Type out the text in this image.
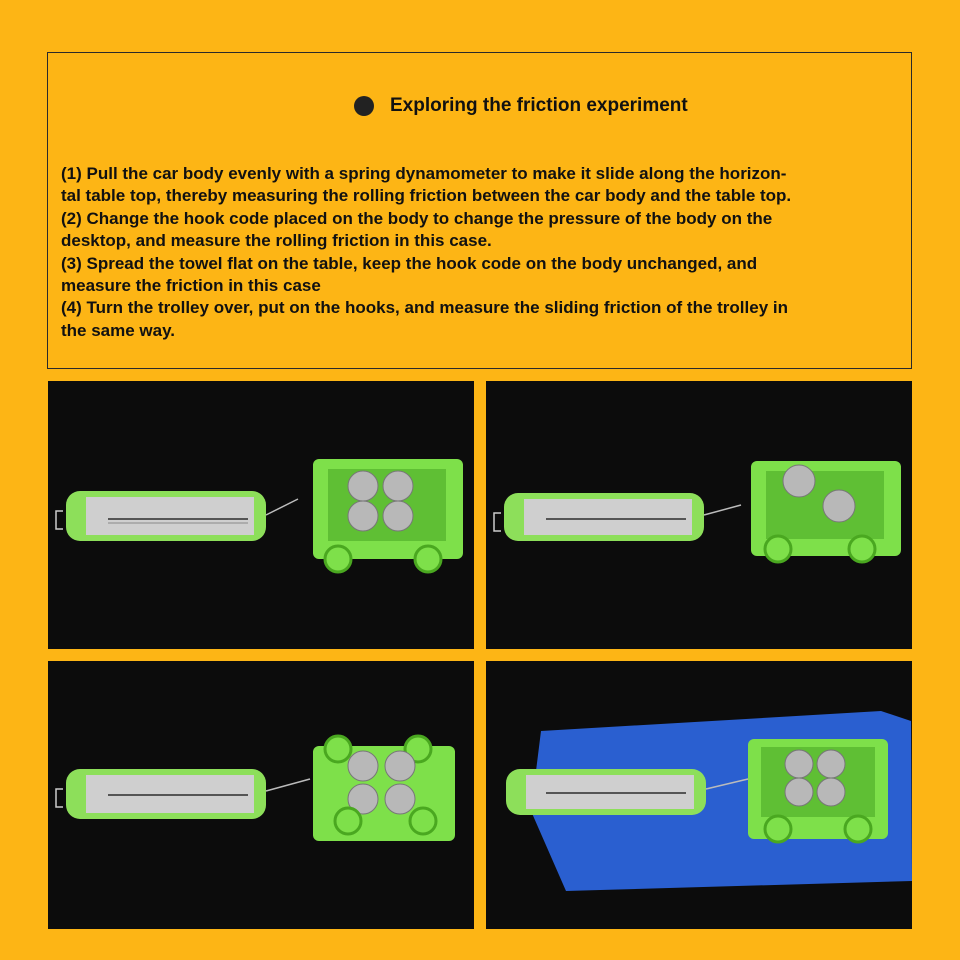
Exploring the friction experiment
(1) Pull the car body evenly with a spring dynamometer to make it slide along the horizon-
tal table top, thereby measuring the rolling friction between the car body and the table top.
(2) Change the hook code placed on the body to change the pressure of the body on the
desktop, and measure the rolling friction in this case.
(3) Spread the towel flat on the table, keep the hook code on the body unchanged, and
measure the friction in this case
(4) Turn the trolley over, put on the hooks, and measure the sliding friction of the trolley in
the same way.
